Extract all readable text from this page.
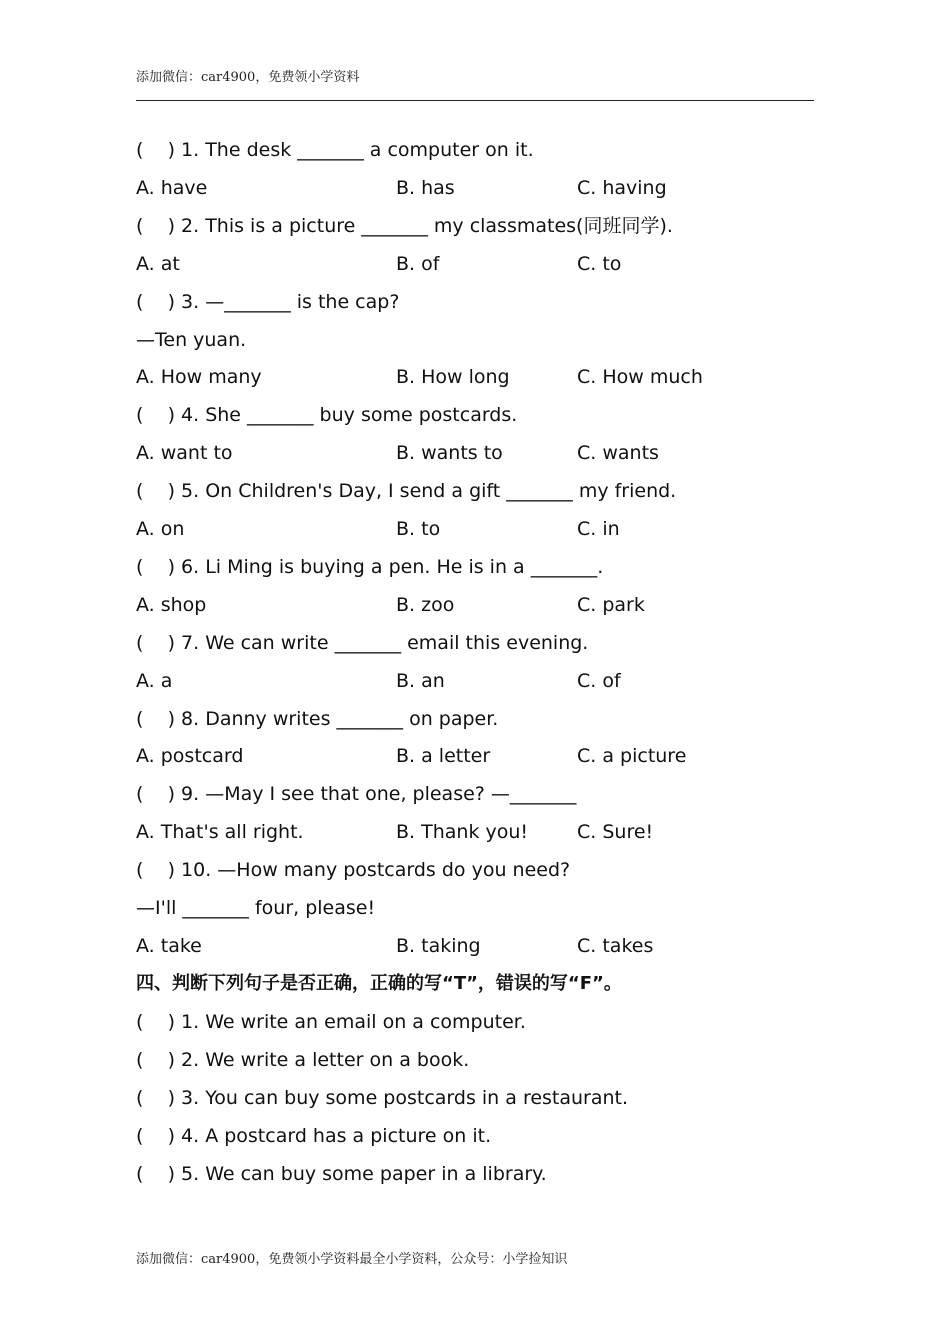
添加微信：car4900，免费领小学资料
(    ) 1. The desk _______ a computer on it.
A. have	B. has	C. having
(    ) 2. This is a picture _______ my classmates(同班同学).
A. at	B. of	C. to
(    ) 3. —_______ is the cap?
—Ten yuan.
A. How many	B. How long	C. How much
(    ) 4. She _______ buy some postcards.
A. want to	B. wants to	C. wants
(    ) 5. On Children's Day, I send a gift _______ my friend.
A. on	B. to	C. in
(    ) 6. Li Ming is buying a pen. He is in a _______.
A. shop	B. zoo	C. park
(    ) 7. We can write _______ email this evening.
A. a	B. an	C. of
(    ) 8. Danny writes _______ on paper.
A. postcard	B. a letter	C. a picture
(    ) 9. —May I see that one, please? —_______
A. That's all right.	B. Thank you!	C. Sure!
(    ) 10. —How many postcards do you need?
—I'll _______ four, please!
A. take	B. taking	C. takes
四、判断下列句子是否正确，正确的写“T”，错误的写“F”。
(    ) 1. We write an email on a computer.
(    ) 2. We write a letter on a book.
(    ) 3. You can buy some postcards in a restaurant.
(    ) 4. A postcard has a picture on it.
(    ) 5. We can buy some paper in a library.
添加微信：car4900，免费领小学资料最全小学资料，公众号：小学捡知识
